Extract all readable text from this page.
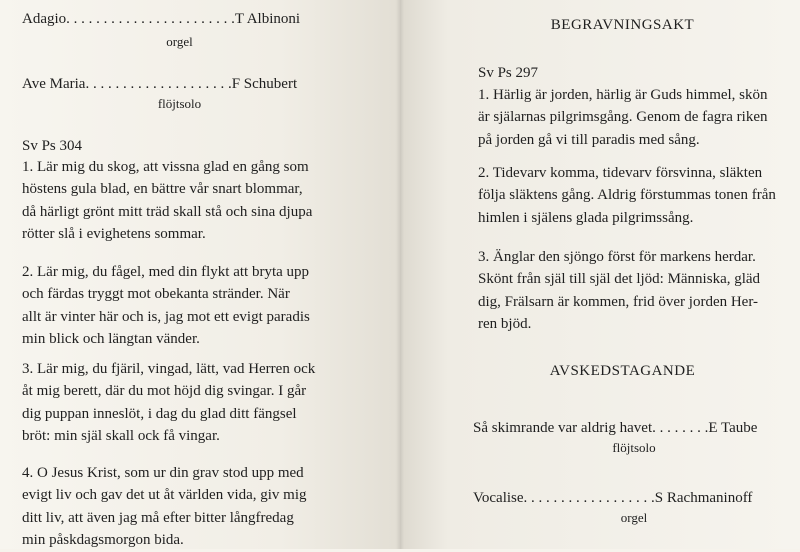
Adagio. . . . . . . . . . . . . . . . . . . . . . .T Albinoni
orgel
Ave Maria. . . . . . . . . . . . . . . . . . . .F Schubert
flöjtsolo
Sv Ps 304
1. Lär mig du skog, att vissna glad en gång som
höstens gula blad, en bättre vår snart blommar,
då härligt grönt mitt träd skall stå och sina djupa
rötter slå i evighetens sommar.
2. Lär mig, du fågel, med din flykt att bryta upp
och färdas tryggt mot obekanta stränder. När
allt är vinter här och is, jag mot ett evigt paradis
min blick och längtan vänder.
3. Lär mig, du fjäril, vingad, lätt, vad Herren ock
åt mig berett, där du mot höjd dig svingar. I går
dig puppan inneslöt, i dag du glad ditt fängsel
bröt: min själ skall ock få vingar.
4. O Jesus Krist, som ur din grav stod upp med
evigt liv och gav det ut åt världen vida, giv mig
ditt liv, att även jag må efter bitter långfredag
min påskdagsmorgon bida.
BEGRAVNINGSAKT
Sv Ps 297
1. Härlig är jorden, härlig är Guds himmel, skön
är själarnas pilgrimsgång. Genom de fagra riken
på jorden gå vi till paradis med sång.
2. Tidevarv komma, tidevarv försvinna, släkten
följa släktens gång. Aldrig förstummas tonen från
himlen i själens glada pilgrimssång.
3. Änglar den sjöngo först för markens herdar.
Skönt från själ till själ det ljöd: Människa, gläd
dig, Frälsarn är kommen, frid över jorden Her-
ren bjöd.
AVSKEDSTAGANDE
Så skimrande var aldrig havet. . . . . . . .E Taube
flöjtsolo
Vocalise. . . . . . . . . . . . . . . . . .S Rachmaninoff
orgel
